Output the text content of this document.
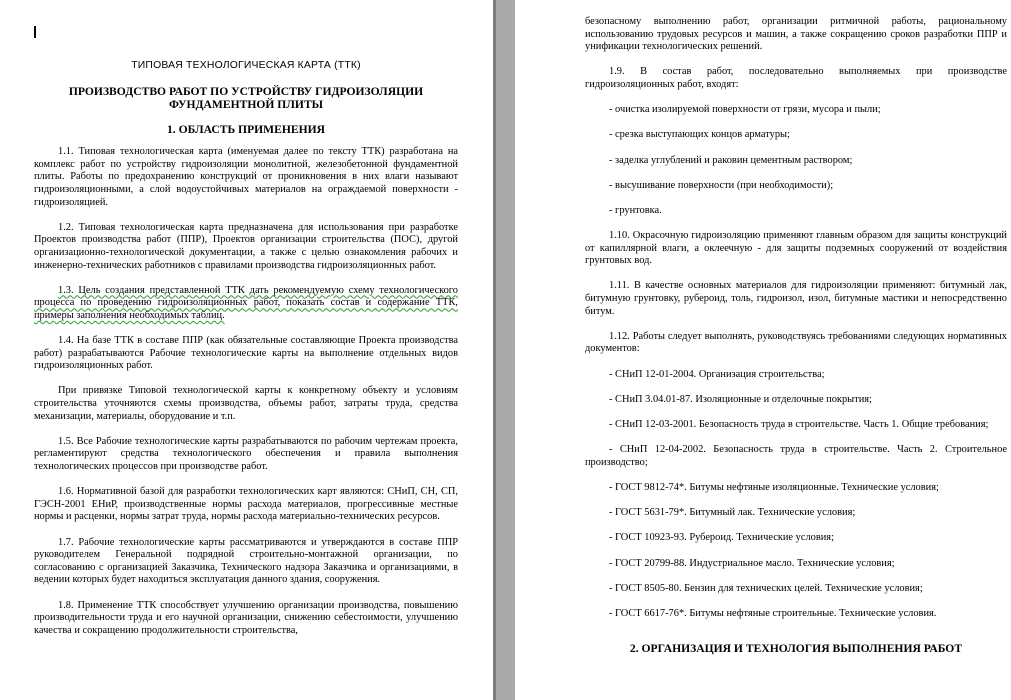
ТИПОВАЯ ТЕХНОЛОГИЧЕСКАЯ КАРТА (ТТК)
ПРОИЗВОДСТВО РАБОТ ПО УСТРОЙСТВУ ГИДРОИЗОЛЯЦИИ ФУНДАМЕНТНОЙ ПЛИТЫ
1. ОБЛАСТЬ ПРИМЕНЕНИЯ

1.1. Типовая технологическая карта (именуемая далее по тексту ТТК) разработана на комплекс работ по устройству гидроизоляции монолитной, железобетонной фундаментной плиты. Работы по предохранению конструкций от проникновения в них влаги называют гидроизоляционными, а слой водоустойчивых материалов на ограждаемой поверхности - гидроизоляцией.

1.2. Типовая технологическая карта предназначена для использования при разработке Проектов производства работ (ППР), Проектов организации строительства (ПОС), другой организационно-технологической документации, а также с целью ознакомления рабочих и инженерно-технических работников с правилами производства гидроизоляционных работ.

1.3. Цель создания представленной ТТК дать рекомендуемую схему технологического процесса по проведению гидроизоляционных работ, показать состав и содержание ТТК, примеры заполнения необходимых таблиц.

1.4. На базе ТТК в составе ППР (как обязательные составляющие Проекта производства работ) разрабатываются Рабочие технологические карты на выполнение отдельных видов гидроизоляционных работ.

При привязке Типовой технологической карты к конкретному объекту и условиям строительства уточняются схемы производства, объемы работ, затраты труда, средства механизации, материалы, оборудование и т.п.

1.5. Все Рабочие технологические карты разрабатываются по рабочим чертежам проекта, регламентируют средства технологического обеспечения и правила выполнения технологических процессов при производстве работ.

1.6. Нормативной базой для разработки технологических карт являются: СНиП, СН, СП, ГЭСН-2001 ЕНиР, производственные нормы расхода материалов, прогрессивные местные нормы и расценки, нормы затрат труда, нормы расхода материально-технических ресурсов.

1.7. Рабочие технологические карты рассматриваются и утверждаются в составе ППР руководителем Генеральной подрядной строительно-монтажной организации, по согласованию с организацией Заказчика, Технического надзора Заказчика и организациями, в ведении которых будет находиться эксплуатация данного здания, сооружения.

1.8. Применение ТТК способствует улучшению организации производства, повышению производительности труда и его научной организации, снижению себестоимости, улучшению качества и сокращению продолжительности строительства,

безопасному выполнению работ, организации ритмичной работы, рациональному использованию трудовых ресурсов и машин, а также сокращению сроков разработки ППР и унификации технологических решений.

1.9. В состав работ, последовательно выполняемых при производстве гидроизоляционных работ, входят:

- очистка изолируемой поверхности от грязи, мусора и пыли;

- срезка выступающих концов арматуры;

- заделка углублений и раковин цементным раствором;

- высушивание поверхности (при необходимости);

- грунтовка.

1.10. Окрасочную гидроизоляцию применяют главным образом для защиты конструкций от капиллярной влаги, а оклеечную - для защиты подземных сооружений от воздействия грунтовых вод.

1.11. В качестве основных материалов для гидроизоляции применяют: битумный лак, битумную грунтовку, рубероид, толь, гидроизол, изол, битумные мастики и непосредственно битум.

1.12. Работы следует выполнять, руководствуясь требованиями следующих нормативных документов:

- СНиП 12-01-2004. Организация строительства;

- СНиП 3.04.01-87. Изоляционные и отделочные покрытия;

- СНиП 12-03-2001. Безопасность труда в строительстве. Часть 1. Общие требования;

- СНиП 12-04-2002. Безопасность труда в строительстве. Часть 2. Строительное производство;

- ГОСТ 9812-74*. Битумы нефтяные изоляционные. Технические условия;

- ГОСТ 5631-79*. Битумный лак. Технические условия;

- ГОСТ 10923-93. Рубероид. Технические условия;

- ГОСТ 20799-88. Индустриальное масло. Технические условия;

- ГОСТ 8505-80. Бензин для технических целей. Технические условия;

- ГОСТ 6617-76*. Битумы нефтяные строительные. Технические условия.

2. ОРГАНИЗАЦИЯ И ТЕХНОЛОГИЯ ВЫПОЛНЕНИЯ РАБОТ
